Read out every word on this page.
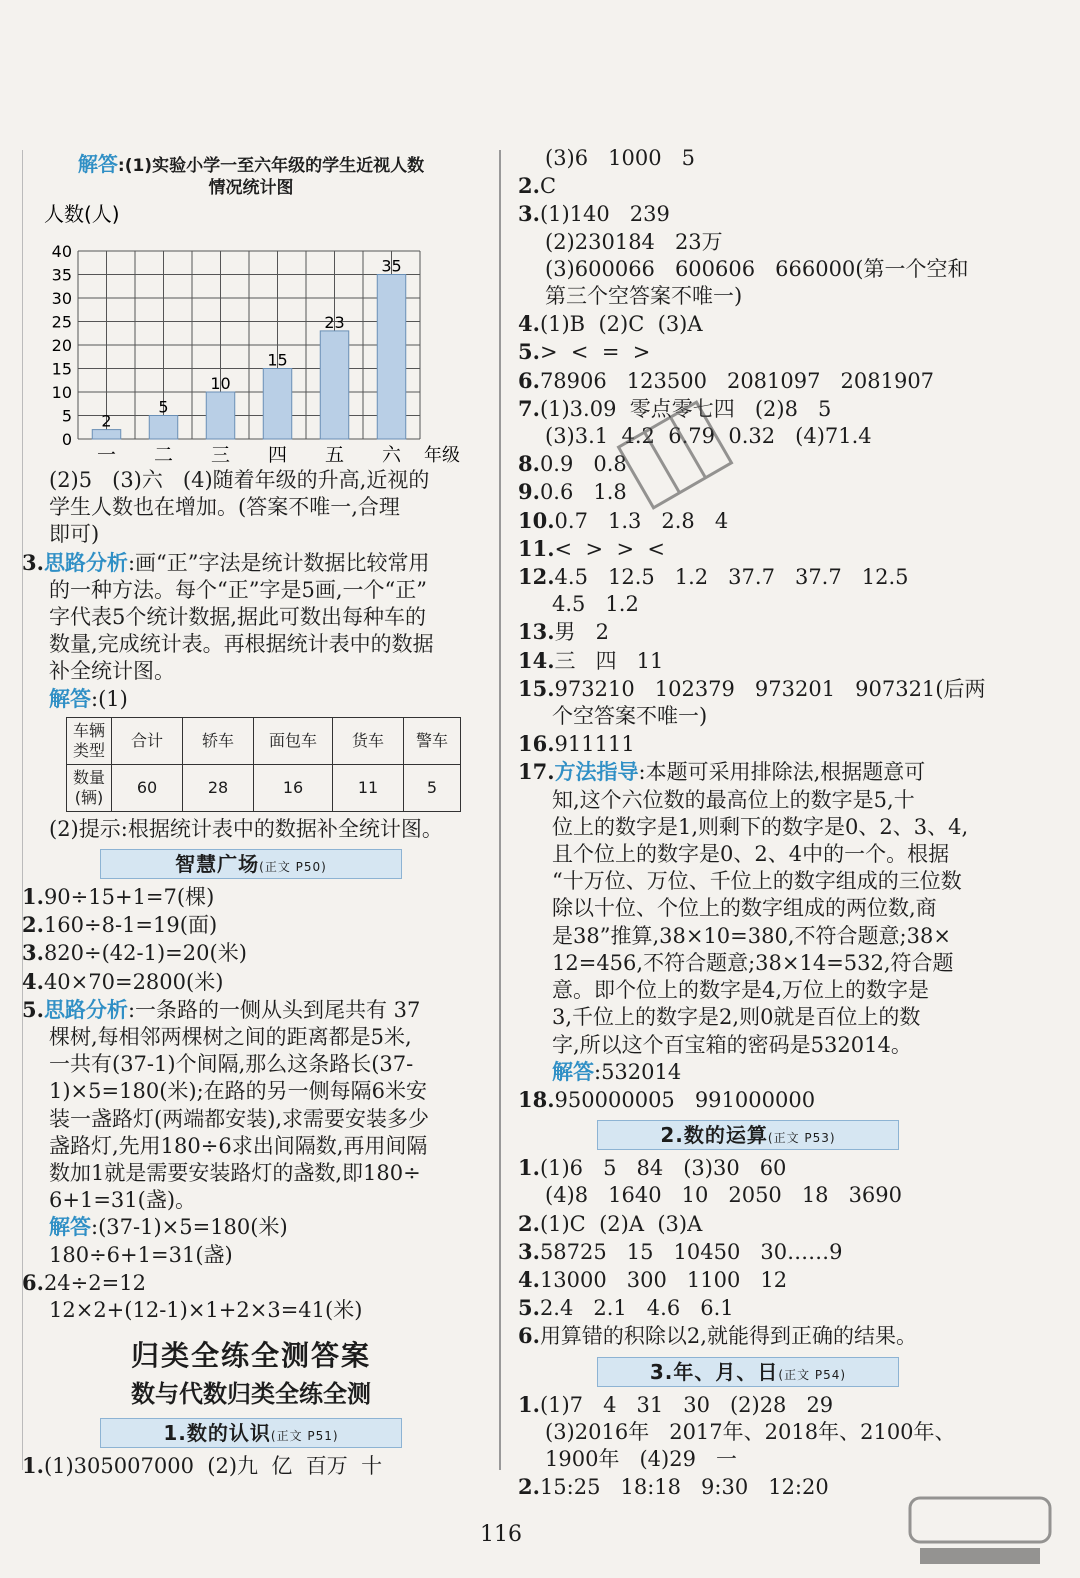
解答:(1)实验小学一至六年级的学生近视人数
情况统计图
人数(人)
0
5
10
15
20
25
30
35
40
2
一
5
二
10
三
15
四
23
五
35
六 年级
(2)5   (3)六   (4)随着年级的升高,近视的
学生人数也在增加。(答案不唯一,合理
即可)
3.思路分析:画“正”字法是统计数据比较常用
的一种方法。每个“正”字是5画,一个“正”
字代表5个统计数据,据此可数出每种车的
数量,完成统计表。再根据统计表中的数据
补全统计图。
解答:(1)
车辆
类型	合计	轿车	面包车	货车	警车
数量
(辆)	60	28	16	11	5
(2)提示:根据统计表中的数据补全统计图。
智慧广场(正文 P50)
1.90÷15+1=7(棵)
2.160÷8-1=19(面)
3.820÷(42-1)=20(米)
4.40×70=2800(米)
5.思路分析:一条路的一侧从头到尾共有 37
棵树,每相邻两棵树之间的距离都是5米,
一共有(37-1)个间隔,那么这条路长(37-
1)×5=180(米);在路的另一侧每隔6米安
装一盏路灯(两端都安装),求需要安装多少
盏路灯,先用180÷6求出间隔数,再用间隔
数加1就是需要安装路灯的盏数,即180÷
6+1=31(盏)。
解答:(37-1)×5=180(米)
180÷6+1=31(盏)
6.24÷2=12
12×2+(12-1)×1+2×3=41(米)
归类全练全测答案
数与代数归类全练全测
1.数的认识(正文 P51)
1.(1)305007000  (2)九  亿  百万  十
(3)6   1000   5
2.C
3.(1)140   239
(2)230184   23万
(3)600066   600606   666000(第一个空和
第三个空答案不唯一)
4.(1)B  (2)C  (3)A
5.>  <  =  >
6.78906   123500   2081097   2081907
7.(1)3.09  零点零七四   (2)8   5
(3)3.1  4.2  6.79  0.32   (4)71.4
8.0.9   0.8
9.0.6   1.8
10.0.7   1.3   2.8   4
11.<  >  >  <
12.4.5   12.5   1.2   37.7   37.7   12.5
4.5   1.2
13.男   2
14.三   四   11
15.973210   102379   973201   907321(后两
个空答案不唯一)
16.911111
17.方法指导:本题可采用排除法,根据题意可
知,这个六位数的最高位上的数字是5,十
位上的数字是1,则剩下的数字是0、2、3、4,
且个位上的数字是0、2、4中的一个。根据
“十万位、万位、千位上的数字组成的三位数
除以十位、个位上的数字组成的两位数,商
是38”推算,38×10=380,不符合题意;38×
12=456,不符合题意;38×14=532,符合题
意。即个位上的数字是4,万位上的数字是
3,千位上的数字是2,则0就是百位上的数
字,所以这个百宝箱的密码是532014。
解答:532014
18.950000005   991000000
2.数的运算(正文 P53)
1.(1)6   5   84   (3)30   60
(4)8   1640   10   2050   18   3690
2.(1)C  (2)A  (3)A
3.58725   15   10450   30……9
4.13000   300   1100   12
5.2.4   2.1   4.6   6.1
6.用算错的积除以2,就能得到正确的结果。
3.年、月、日(正文 P54)
1.(1)7   4   31   30   (2)28   29
(3)2016年   2017年、2018年、2100年、
1900年   (4)29   一
2.15:25   18:18   9:30   12:20
116
